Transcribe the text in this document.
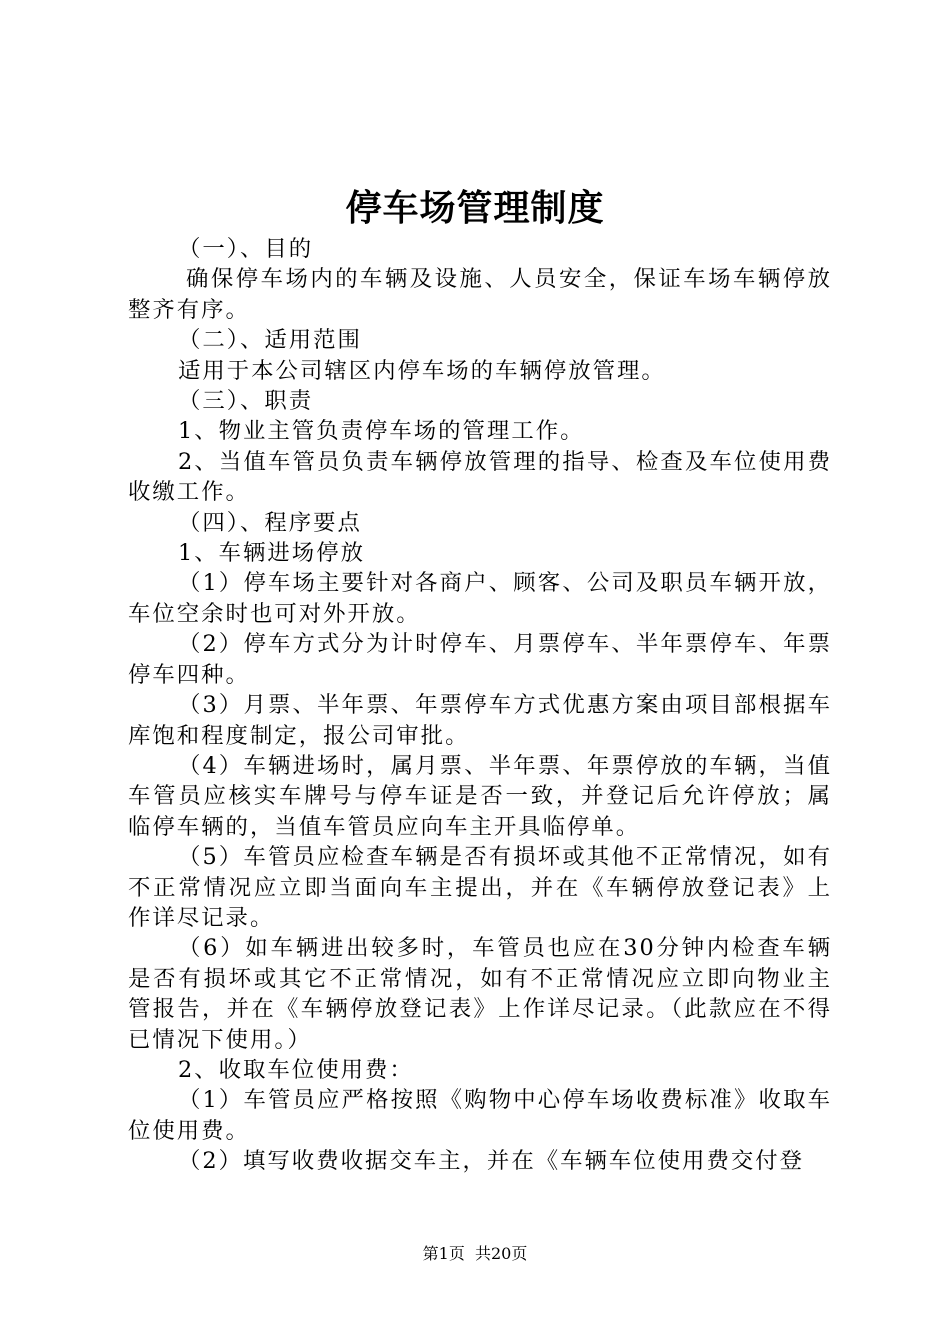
停车场管理制度

（一）、目的

确保停车场内的车辆及设施、人员安全，保证车场车辆停放整齐有序。

（二）、适用范围

适用于本公司辖区内停车场的车辆停放管理。

（三）、职责

1、物业主管负责停车场的管理工作。

2、当值车管员负责车辆停放管理的指导、检查及车位使用费收缴工作。

（四）、程序要点

1、车辆进场停放

（1）停车场主要针对各商户、顾客、公司及职员车辆开放，车位空余时也可对外开放。

（2）停车方式分为计时停车、月票停车、半年票停车、年票停车四种。

（3）月票、半年票、年票停车方式优惠方案由项目部根据车库饱和程度制定，报公司审批。

（4）车辆进场时，属月票、半年票、年票停放的车辆，当值车管员应核实车牌号与停车证是否一致，并登记后允许停放；属临停车辆的，当值车管员应向车主开具临停单。

（5）车管员应检查车辆是否有损坏或其他不正常情况，如有不正常情况应立即当面向车主提出，并在《车辆停放登记表》上作详尽记录。

（6）如车辆进出较多时，车管员也应在30分钟内检查车辆是否有损坏或其它不正常情况，如有不正常情况应立即向物业主管报告，并在《车辆停放登记表》上作详尽记录。（此款应在不得已情况下使用。）

2、收取车位使用费：

（1）车管员应严格按照《购物中心停车场收费标准》收取车位使用费。

（2）填写收费收据交车主，并在《车辆车位使用费交付登

第1页  共20页
